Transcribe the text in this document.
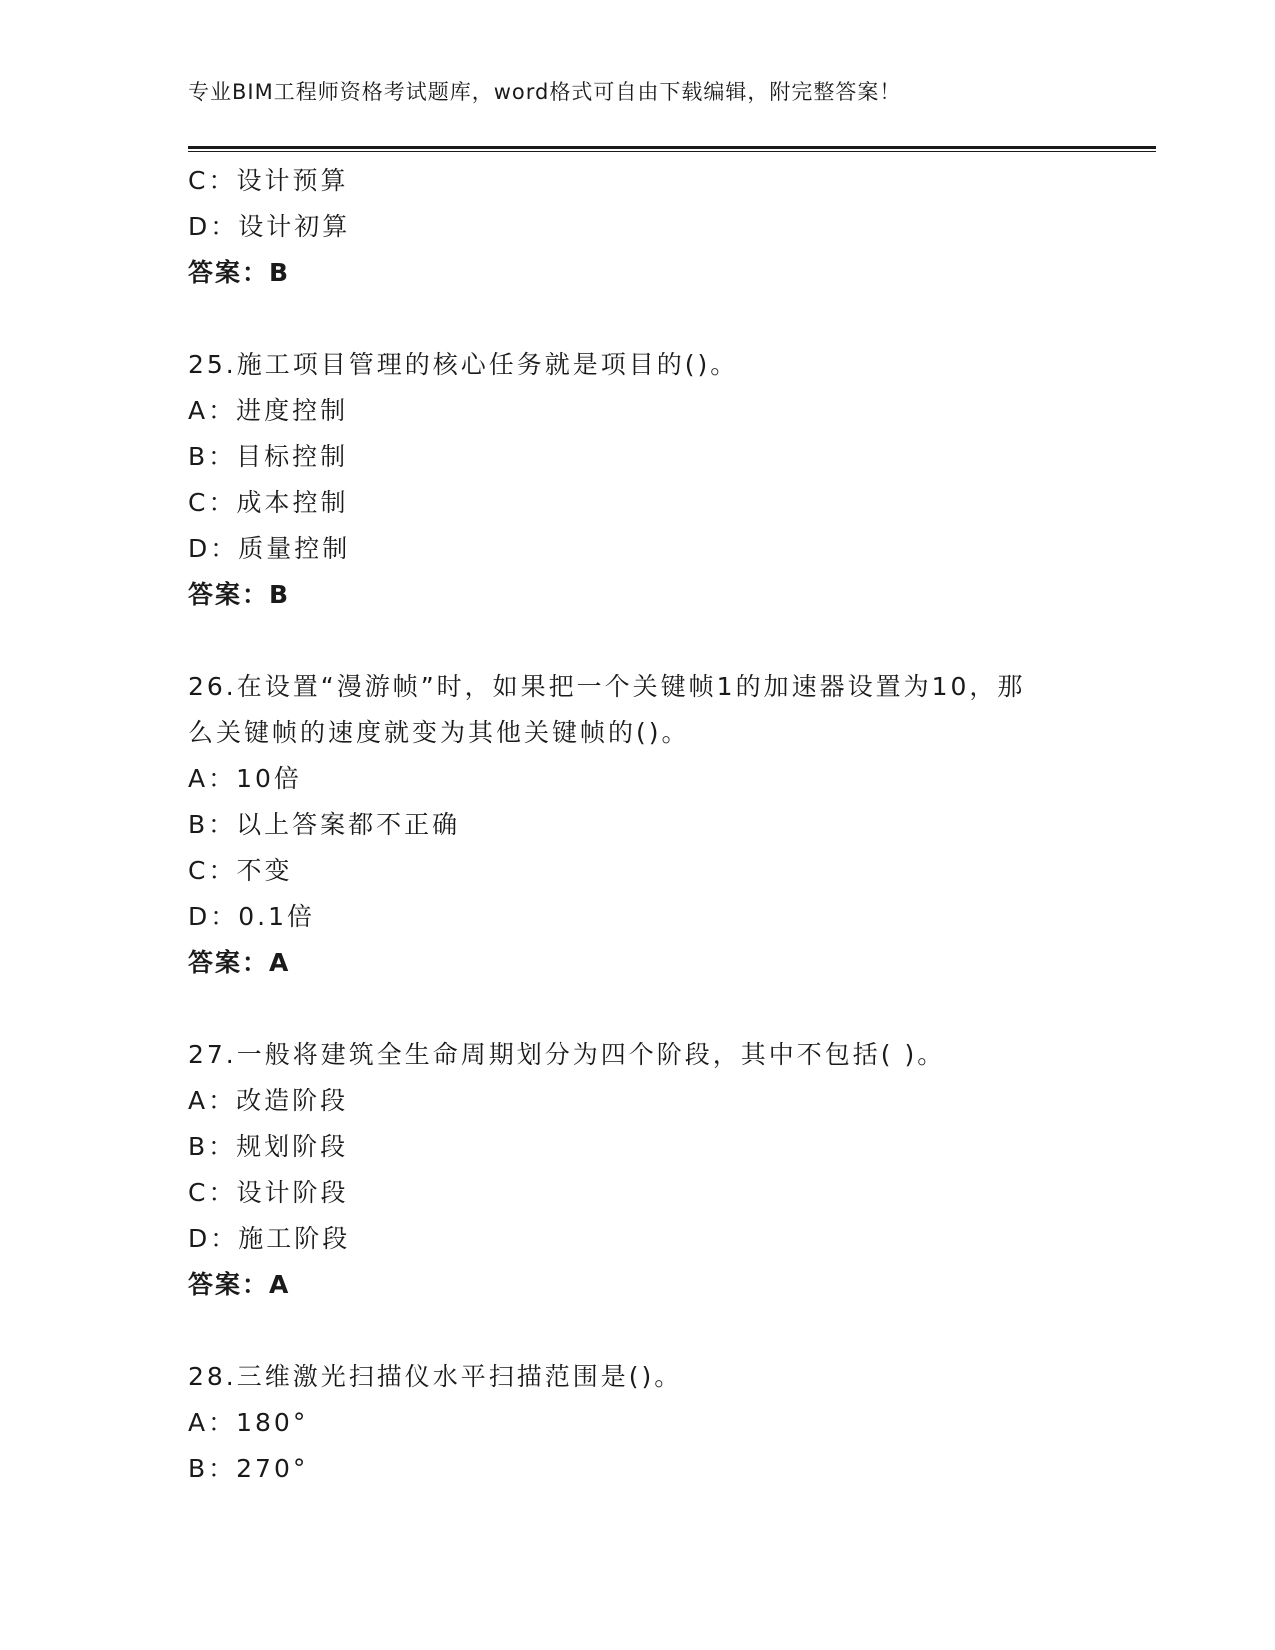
专业BIM工程师资格考试题库，word格式可自由下载编辑，附完整答案！
C：设计预算
D：设计初算
答案：B
25.施工项目管理的核心任务就是项目的()。
A：进度控制
B：目标控制
C：成本控制
D：质量控制
答案：B
26.在设置“漫游帧”时，如果把一个关键帧1的加速器设置为10，那
么关键帧的速度就变为其他关键帧的()。
A：10倍
B：以上答案都不正确
C：不变
D：0.1倍
答案：A
27.一般将建筑全生命周期划分为四个阶段，其中不包括( )。
A：改造阶段
B：规划阶段
C：设计阶段
D：施工阶段
答案：A
28.三维激光扫描仪水平扫描范围是()。
A：180°
B：270°
